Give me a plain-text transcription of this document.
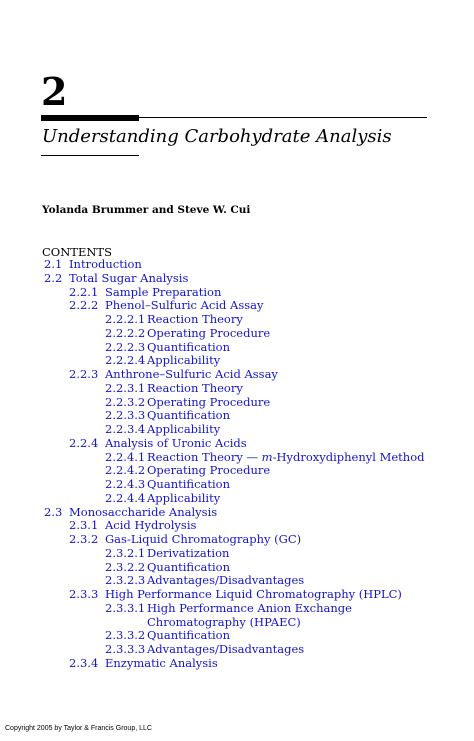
2
Understanding Carbohydrate Analysis
Yolanda Brummer and Steve W. Cui
CONTENTS
2.1 Introduction
2.2 Total Sugar Analysis
2.2.1 Sample Preparation
2.2.2 Phenol–Sulfuric Acid Assay
2.2.2.1 Reaction Theory
2.2.2.2 Operating Procedure
2.2.2.3 Quantification
2.2.2.4 Applicability
2.2.3 Anthrone–Sulfuric Acid Assay
2.2.3.1 Reaction Theory
2.2.3.2 Operating Procedure
2.2.3.3 Quantification
2.2.3.4 Applicability
2.2.4 Analysis of Uronic Acids
2.2.4.1 Reaction Theory — m-Hydroxydiphenyl Method
2.2.4.2 Operating Procedure
2.2.4.3 Quantification
2.2.4.4 Applicability
2.3 Monosaccharide Analysis
2.3.1 Acid Hydrolysis
2.3.2 Gas-Liquid Chromatography (GC)
2.3.2.1 Derivatization
2.3.2.2 Quantification
2.3.2.3 Advantages/Disadvantages
2.3.3 High Performance Liquid Chromatography (HPLC)
2.3.3.1 High Performance Anion Exchange
Chromatography (HPAEC)
2.3.3.2 Quantification
2.3.3.3 Advantages/Disadvantages
2.3.4 Enzymatic Analysis
Copyright 2005 by Taylor & Francis Group, LLC
